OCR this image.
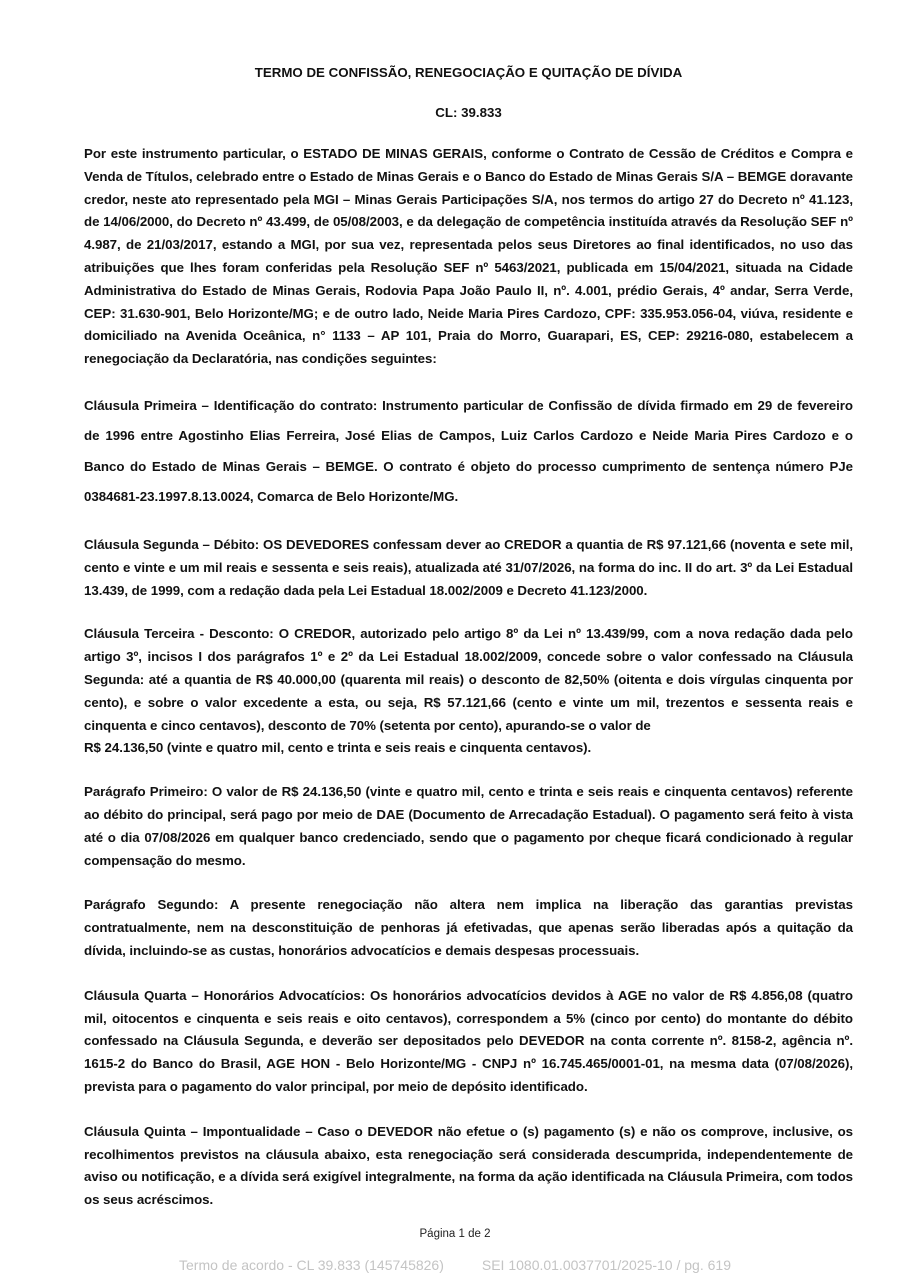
TERMO DE CONFISSÃO, RENEGOCIAÇÃO E QUITAÇÃO DE DÍVIDA

CL: 39.833

Por este instrumento particular, o ESTADO DE MINAS GERAIS, conforme o Contrato de Cessão de Créditos e Compra e Venda de Títulos, celebrado entre o Estado de Minas Gerais e o Banco do Estado de Minas Gerais S/A – BEMGE doravante credor, neste ato representado pela MGI – Minas Gerais Participações S/A, nos termos do artigo 27 do Decreto nº 41.123, de 14/06/2000, do Decreto nº 43.499, de 05/08/2003, e da delegação de competência instituída através da Resolução SEF nº 4.987, de 21/03/2017, estando a MGI, por sua vez, representada pelos seus Diretores ao final identificados, no uso das atribuições que lhes foram conferidas pela Resolução SEF nº 5463/2021, publicada em 15/04/2021, situada na Cidade Administrativa do Estado de Minas Gerais, Rodovia Papa João Paulo II, nº. 4.001, prédio Gerais, 4º andar, Serra Verde, CEP: 31.630-901, Belo Horizonte/MG; e de outro lado, Neide Maria Pires Cardozo, CPF: 335.953.056-04, viúva, residente e domiciliado na Avenida Oceânica, n° 1133 – AP 101, Praia do Morro, Guarapari, ES, CEP: 29216-080, estabelecem a renegociação da Declaratória, nas condições seguintes:

Cláusula Primeira – Identificação do contrato: Instrumento particular de Confissão de dívida firmado em 29 de fevereiro de 1996 entre Agostinho Elias Ferreira, José Elias de Campos, Luiz Carlos Cardozo e Neide Maria Pires Cardozo e o Banco do Estado de Minas Gerais – BEMGE. O contrato é objeto do processo cumprimento de sentença número PJe 0384681-23.1997.8.13.0024, Comarca de Belo Horizonte/MG.

Cláusula Segunda – Débito: OS DEVEDORES confessam dever ao CREDOR a quantia de R$ 97.121,66 (noventa e sete mil, cento e vinte e um mil reais e sessenta e seis reais), atualizada até 31/07/2026, na forma do inc. II do art. 3º da Lei Estadual 13.439, de 1999, com a redação dada pela Lei Estadual 18.002/2009 e Decreto 41.123/2000.

Cláusula Terceira - Desconto: O CREDOR, autorizado pelo artigo 8º da Lei nº 13.439/99, com a nova redação dada pelo artigo 3º, incisos I dos parágrafos 1º e 2º da Lei Estadual 18.002/2009, concede sobre o valor confessado na Cláusula Segunda: até a quantia de R$ 40.000,00 (quarenta mil reais) o desconto de 82,50% (oitenta e dois vírgulas cinquenta por cento), e sobre o valor excedente a esta, ou seja, R$ 57.121,66 (cento e vinte um mil, trezentos e sessenta reais e cinquenta e cinco centavos), desconto de 70% (setenta por cento), apurando-se o valor de
R$ 24.136,50 (vinte e quatro mil, cento e trinta e seis reais e cinquenta centavos).

Parágrafo Primeiro: O valor de R$ 24.136,50 (vinte e quatro mil, cento e trinta e seis reais e cinquenta centavos) referente ao débito do principal, será pago por meio de DAE (Documento de Arrecadação Estadual). O pagamento será feito à vista até o dia 07/08/2026 em qualquer banco credenciado, sendo que o pagamento por cheque ficará condicionado à regular compensação do mesmo.

Parágrafo Segundo: A presente renegociação não altera nem implica na liberação das garantias previstas contratualmente, nem na desconstituição de penhoras já efetivadas, que apenas serão liberadas após a quitação da dívida, incluindo-se as custas, honorários advocatícios e demais despesas processuais.

Cláusula Quarta – Honorários Advocatícios: Os honorários advocatícios devidos à AGE no valor de R$ 4.856,08 (quatro mil, oitocentos e cinquenta e seis reais e oito centavos), correspondem a 5% (cinco por cento) do montante do débito confessado na Cláusula Segunda, e deverão ser depositados pelo DEVEDOR na conta corrente nº. 8158-2, agência nº. 1615-2 do Banco do Brasil, AGE HON - Belo Horizonte/MG - CNPJ nº 16.745.465/0001-01, na mesma data (07/08/2026), prevista para o pagamento do valor principal, por meio de depósito identificado.

Cláusula Quinta – Impontualidade – Caso o DEVEDOR não efetue o (s) pagamento (s) e não os comprove, inclusive, os recolhimentos previstos na cláusula abaixo, esta renegociação será considerada descumprida, independentemente de aviso ou notificação, e a dívida será exigível integralmente, na forma da ação identificada na Cláusula Primeira, com todos os seus acréscimos.

Página 1 de 2
Termo de acordo - CL 39.833 (145745826)	SEI 1080.01.0037701/2025-10 / pg. 619
